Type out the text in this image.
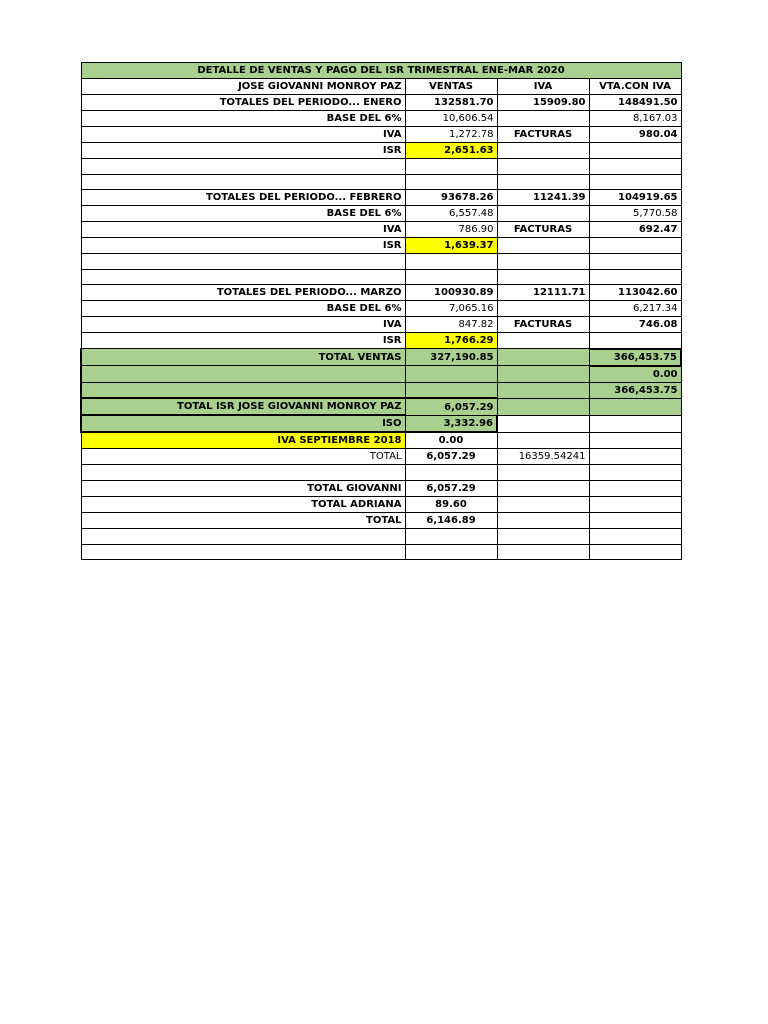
DETALLE DE VENTAS Y PAGO DEL ISR TRIMESTRAL ENE-MAR 2020			
JOSE GIOVANNI MONROY PAZ	VENTAS	IVA	VTA.CON IVA
TOTALES DEL PERIODO... ENERO	132581.70	15909.80	148491.50
BASE DEL 6%	10,606.54		8,167.03
IVA	1,272.78	FACTURAS	980.04
ISR	2,651.63		

TOTALES DEL PERIODO... FEBRERO	93678.26	11241.39	104919.65
BASE DEL 6%	6,557.48		5,770.58
IVA	786.90	FACTURAS	692.47
ISR	1,639.37		

TOTALES DEL PERIODO... MARZO	100930.89	12111.71	113042.60
BASE DEL 6%	7,065.16		6,217.34
IVA	847.82	FACTURAS	746.08
ISR	1,766.29		
TOTAL VENTAS	327,190.85		366,453.75
			0.00
			366,453.75
TOTAL ISR JOSE GIOVANNI MONROY PAZ	6,057.29		
ISO	3,332.96		
IVA SEPTIEMBRE 2018	0.00		
TOTAL	6,057.29	16359.54241	

TOTAL GIOVANNI	6,057.29		
TOTAL ADRIANA	89.60		
TOTAL	6,146.89		
